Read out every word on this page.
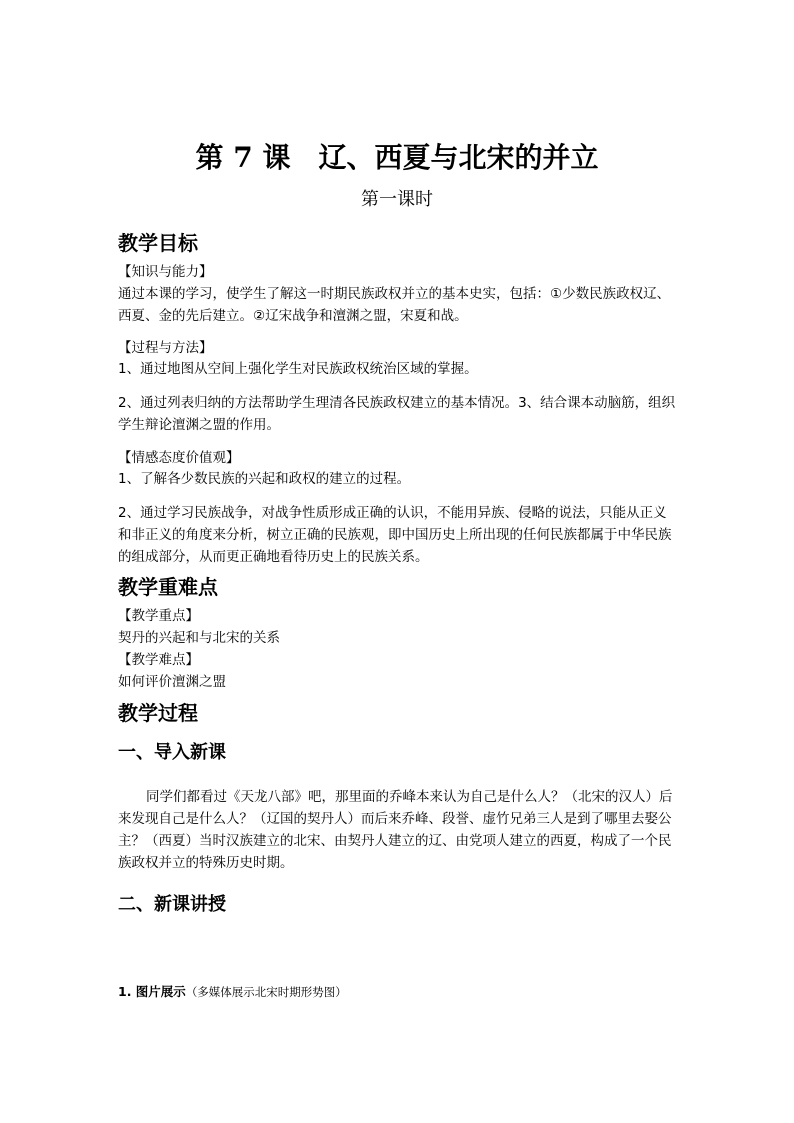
第 7 课　辽、西夏与北宋的并立
第一课时
教学目标
【知识与能力】
通过本课的学习，使学生了解这一时期民族政权并立的基本史实，包括：①少数民族政权辽、西夏、金的先后建立。②辽宋战争和澶渊之盟，宋夏和战。
【过程与方法】
1、通过地图从空间上强化学生对民族政权统治区域的掌握。
2、通过列表归纳的方法帮助学生理清各民族政权建立的基本情况。3、结合课本动脑筋，组织学生辩论澶渊之盟的作用。
【情感态度价值观】
1、了解各少数民族的兴起和政权的建立的过程。
2、通过学习民族战争，对战争性质形成正确的认识，不能用异族、侵略的说法，只能从正义和非正义的角度来分析，树立正确的民族观，即中国历史上所出现的任何民族都属于中华民族的组成部分，从而更正确地看待历史上的民族关系。
教学重难点
【教学重点】
契丹的兴起和与北宋的关系
【教学难点】
如何评价澶渊之盟
教学过程
一、导入新课
同学们都看过《天龙八部》吧，那里面的乔峰本来认为自己是什么人？（北宋的汉人）后来发现自己是什么人？（辽国的契丹人）而后来乔峰、段誉、虚竹兄弟三人是到了哪里去娶公主？（西夏）当时汉族建立的北宋、由契丹人建立的辽、由党项人建立的西夏，构成了一个民族政权并立的特殊历史时期。
二、新课讲授
目标导学一：契丹族与党项族
1. 图片展示（多媒体展示北宋时期形势图）
